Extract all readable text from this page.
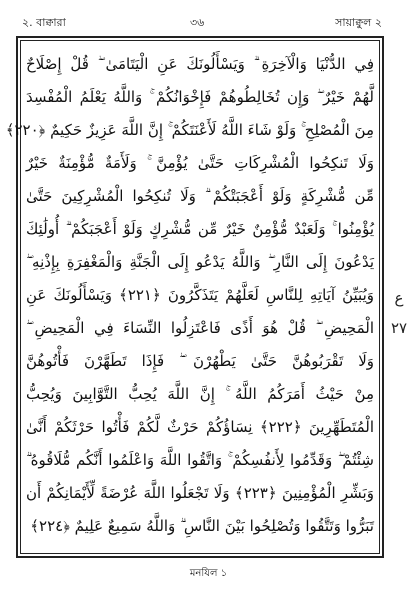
২. বাক্বারা	৩৬	সায়াক্বুল ২
فِي الدُّنْيَا وَالْآخِرَةِ ۗ وَيَسْأَلُونَكَ عَنِ الْيَتَامَىٰ ۖ قُلْ إِصْلَاحٌ
لَّهُمْ خَيْرٌ ۖ وَإِن تُخَالِطُوهُمْ فَإِخْوَانُكُمْ ۚ وَاللَّهُ يَعْلَمُ الْمُفْسِدَ
مِنَ الْمُصْلِحِ ۚ وَلَوْ شَاءَ اللَّهُ لَأَعْنَتَكُمْ ۚ إِنَّ اللَّهَ عَزِيزٌ حَكِيمٌ ﴿٢٢٠﴾
وَلَا تَنكِحُوا الْمُشْرِكَاتِ حَتَّىٰ يُؤْمِنَّ ۚ وَلَأَمَةٌ مُّؤْمِنَةٌ خَيْرٌ
مِّن مُّشْرِكَةٍ وَلَوْ أَعْجَبَتْكُمْ ۗ وَلَا تُنكِحُوا الْمُشْرِكِينَ حَتَّىٰ
يُؤْمِنُوا ۚ وَلَعَبْدٌ مُّؤْمِنٌ خَيْرٌ مِّن مُّشْرِكٍ وَلَوْ أَعْجَبَكُمْ ۗ أُولَٰئِكَ
يَدْعُونَ إِلَى النَّارِ ۖ وَاللَّهُ يَدْعُو إِلَى الْجَنَّةِ وَالْمَغْفِرَةِ بِإِذْنِهِ ۖ
وَيُبَيِّنُ آيَاتِهِ لِلنَّاسِ لَعَلَّهُمْ يَتَذَكَّرُونَ ﴿٢٢١﴾ وَيَسْأَلُونَكَ عَنِ
الْمَحِيضِ ۖ قُلْ هُوَ أَذًى فَاعْتَزِلُوا النِّسَاءَ فِي الْمَحِيضِ ۖ
وَلَا تَقْرَبُوهُنَّ حَتَّىٰ يَطْهُرْنَ ۖ فَإِذَا تَطَهَّرْنَ فَأْتُوهُنَّ
مِنْ حَيْثُ أَمَرَكُمُ اللَّهُ ۚ إِنَّ اللَّهَ يُحِبُّ التَّوَّابِينَ وَيُحِبُّ
الْمُتَطَهِّرِينَ ﴿٢٢٢﴾ نِسَاؤُكُمْ حَرْثٌ لَّكُمْ فَأْتُوا حَرْثَكُمْ أَنَّىٰ
شِئْتُمْ ۖ وَقَدِّمُوا لِأَنفُسِكُمْ ۚ وَاتَّقُوا اللَّهَ وَاعْلَمُوا أَنَّكُم مُّلَاقُوهُ ۗ
وَبَشِّرِ الْمُؤْمِنِينَ ﴿٢٢٣﴾ وَلَا تَجْعَلُوا اللَّهَ عُرْضَةً لِّأَيْمَانِكُمْ أَن
تَبَرُّوا وَتَتَّقُوا وَتُصْلِحُوا بَيْنَ النَّاسِ ۗ وَاللَّهُ سَمِيعٌ عَلِيمٌ ﴿٢٢٤﴾
ع ٢٧
মনযিল ১
